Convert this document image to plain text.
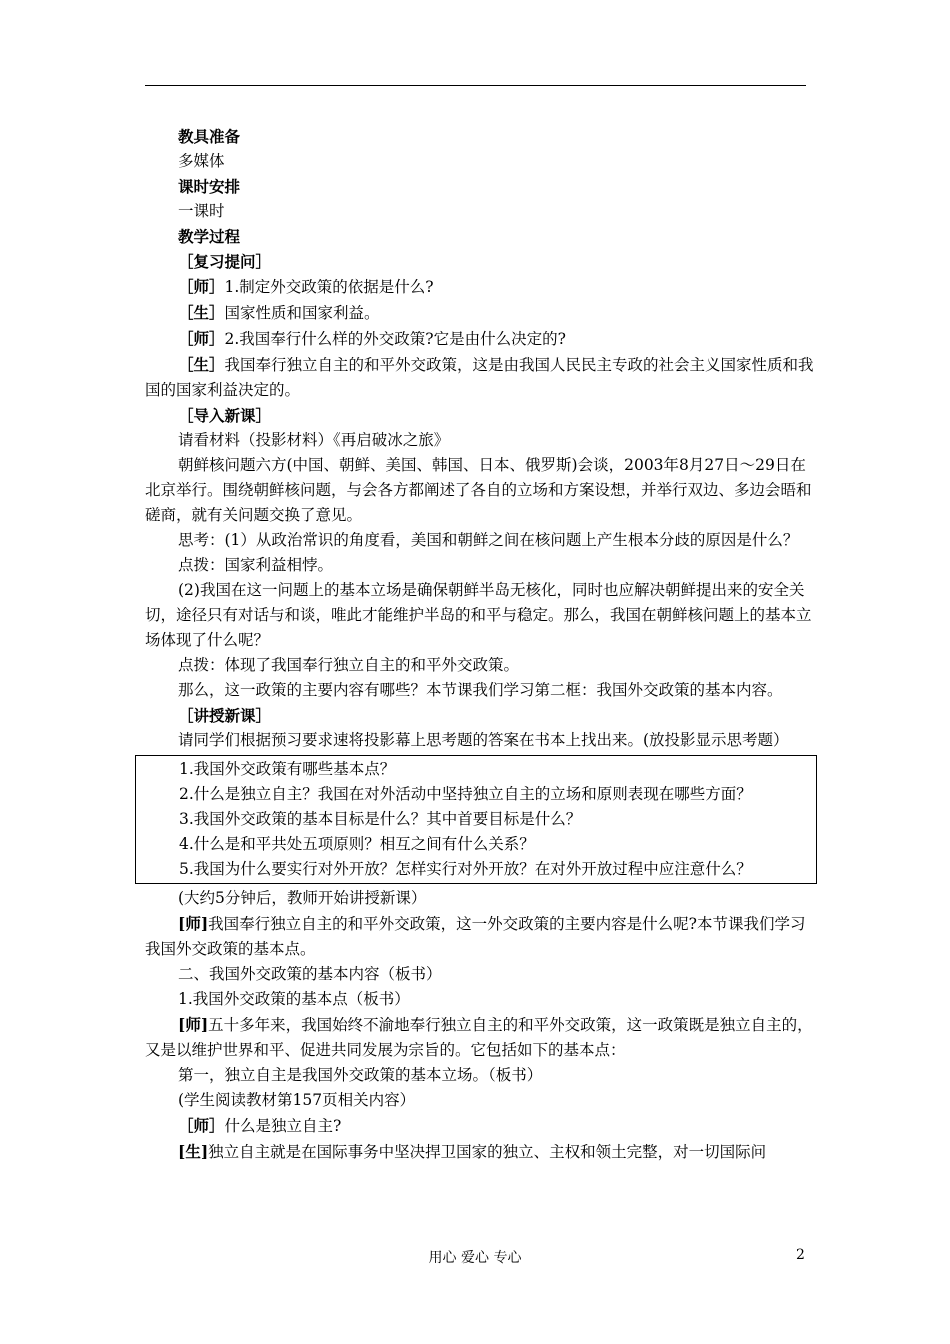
教具准备

多媒体

课时安排

一课时

教学过程

［复习提问］

［师］1.制定外交政策的依据是什么?

［生］国家性质和国家利益。

［师］2.我国奉行什么样的外交政策?它是由什么决定的?

［生］我国奉行独立自主的和平外交政策，这是由我国人民民主专政的社会主义国家性质和我国的国家利益决定的。

［导入新课］

请看材料（投影材料）《再启破冰之旅》

朝鲜核问题六方(中国、朝鲜、美国、韩国、日本、俄罗斯)会谈，2003年8月27日～29日在北京举行。围绕朝鲜核问题，与会各方都阐述了各自的立场和方案设想，并举行双边、多边会晤和磋商，就有关问题交换了意见。

思考：(1）从政治常识的角度看，美国和朝鲜之间在核问题上产生根本分歧的原因是什么？

点拨：国家利益相悖。

(2)我国在这一问题上的基本立场是确保朝鲜半岛无核化，同时也应解决朝鲜提出来的安全关切，途径只有对话与和谈，唯此才能维护半岛的和平与稳定。那么，我国在朝鲜核问题上的基本立场体现了什么呢？

点拨：体现了我国奉行独立自主的和平外交政策。

那么，这一政策的主要内容有哪些？本节课我们学习第二框：我国外交政策的基本内容。

［讲授新课］

请同学们根据预习要求速将投影幕上思考题的答案在书本上找出来。(放投影显示思考题）

1.我国外交政策有哪些基本点？

2.什么是独立自主？我国在对外活动中坚持独立自主的立场和原则表现在哪些方面？

3.我国外交政策的基本目标是什么？其中首要目标是什么？

4.什么是和平共处五项原则？相互之间有什么关系？

5.我国为什么要实行对外开放？怎样实行对外开放？在对外开放过程中应注意什么？

(大约5分钟后，教师开始讲授新课）

[师]我国奉行独立自主的和平外交政策，这一外交政策的主要内容是什么呢?本节课我们学习我国外交政策的基本点。

二、我国外交政策的基本内容（板书）

1.我国外交政策的基本点（板书）

[师]五十多年来，我国始终不渝地奉行独立自主的和平外交政策，这一政策既是独立自主的，又是以维护世界和平、促进共同发展为宗旨的。它包括如下的基本点：

第一，独立自主是我国外交政策的基本立场。（板书）

(学生阅读教材第157页相关内容）

［师］什么是独立自主?

[生]独立自主就是在国际事务中坚决捍卫国家的独立、主权和领土完整，对一切国际问

用心 爱心 专心	2
